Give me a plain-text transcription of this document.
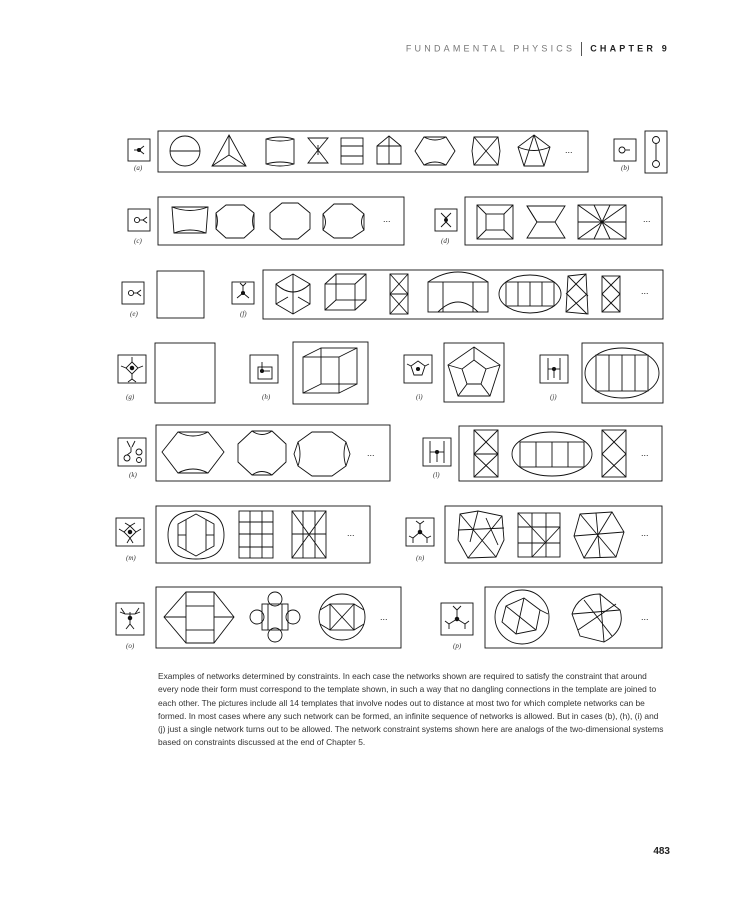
FUNDAMENTAL PHYSICS CHAPTER 9
(a)
...
(b)
(c)
...
(d)
...
(e)	(f)
...
(g)	(h)	(i)	(j)
(k)
...
(l)
...
(m)
...
(n)
...
(o)
...
(p)
...

Examples of networks determined by constraints. In each case the networks shown are required to satisfy the constraint that around every node their form must correspond to the template shown, in such a way that no dangling connections in the template are joined to each other. The pictures include all 14 templates that involve nodes out to distance at most two for which complete networks can be formed. In most cases where any such network can be formed, an infinite sequence of networks is allowed. But in cases (b), (h), (i) and (j) just a single network turns out to be allowed. The network constraint systems shown here are analogs of the two-dimensional systems based on constraints discussed at the end of Chapter 5.

483
